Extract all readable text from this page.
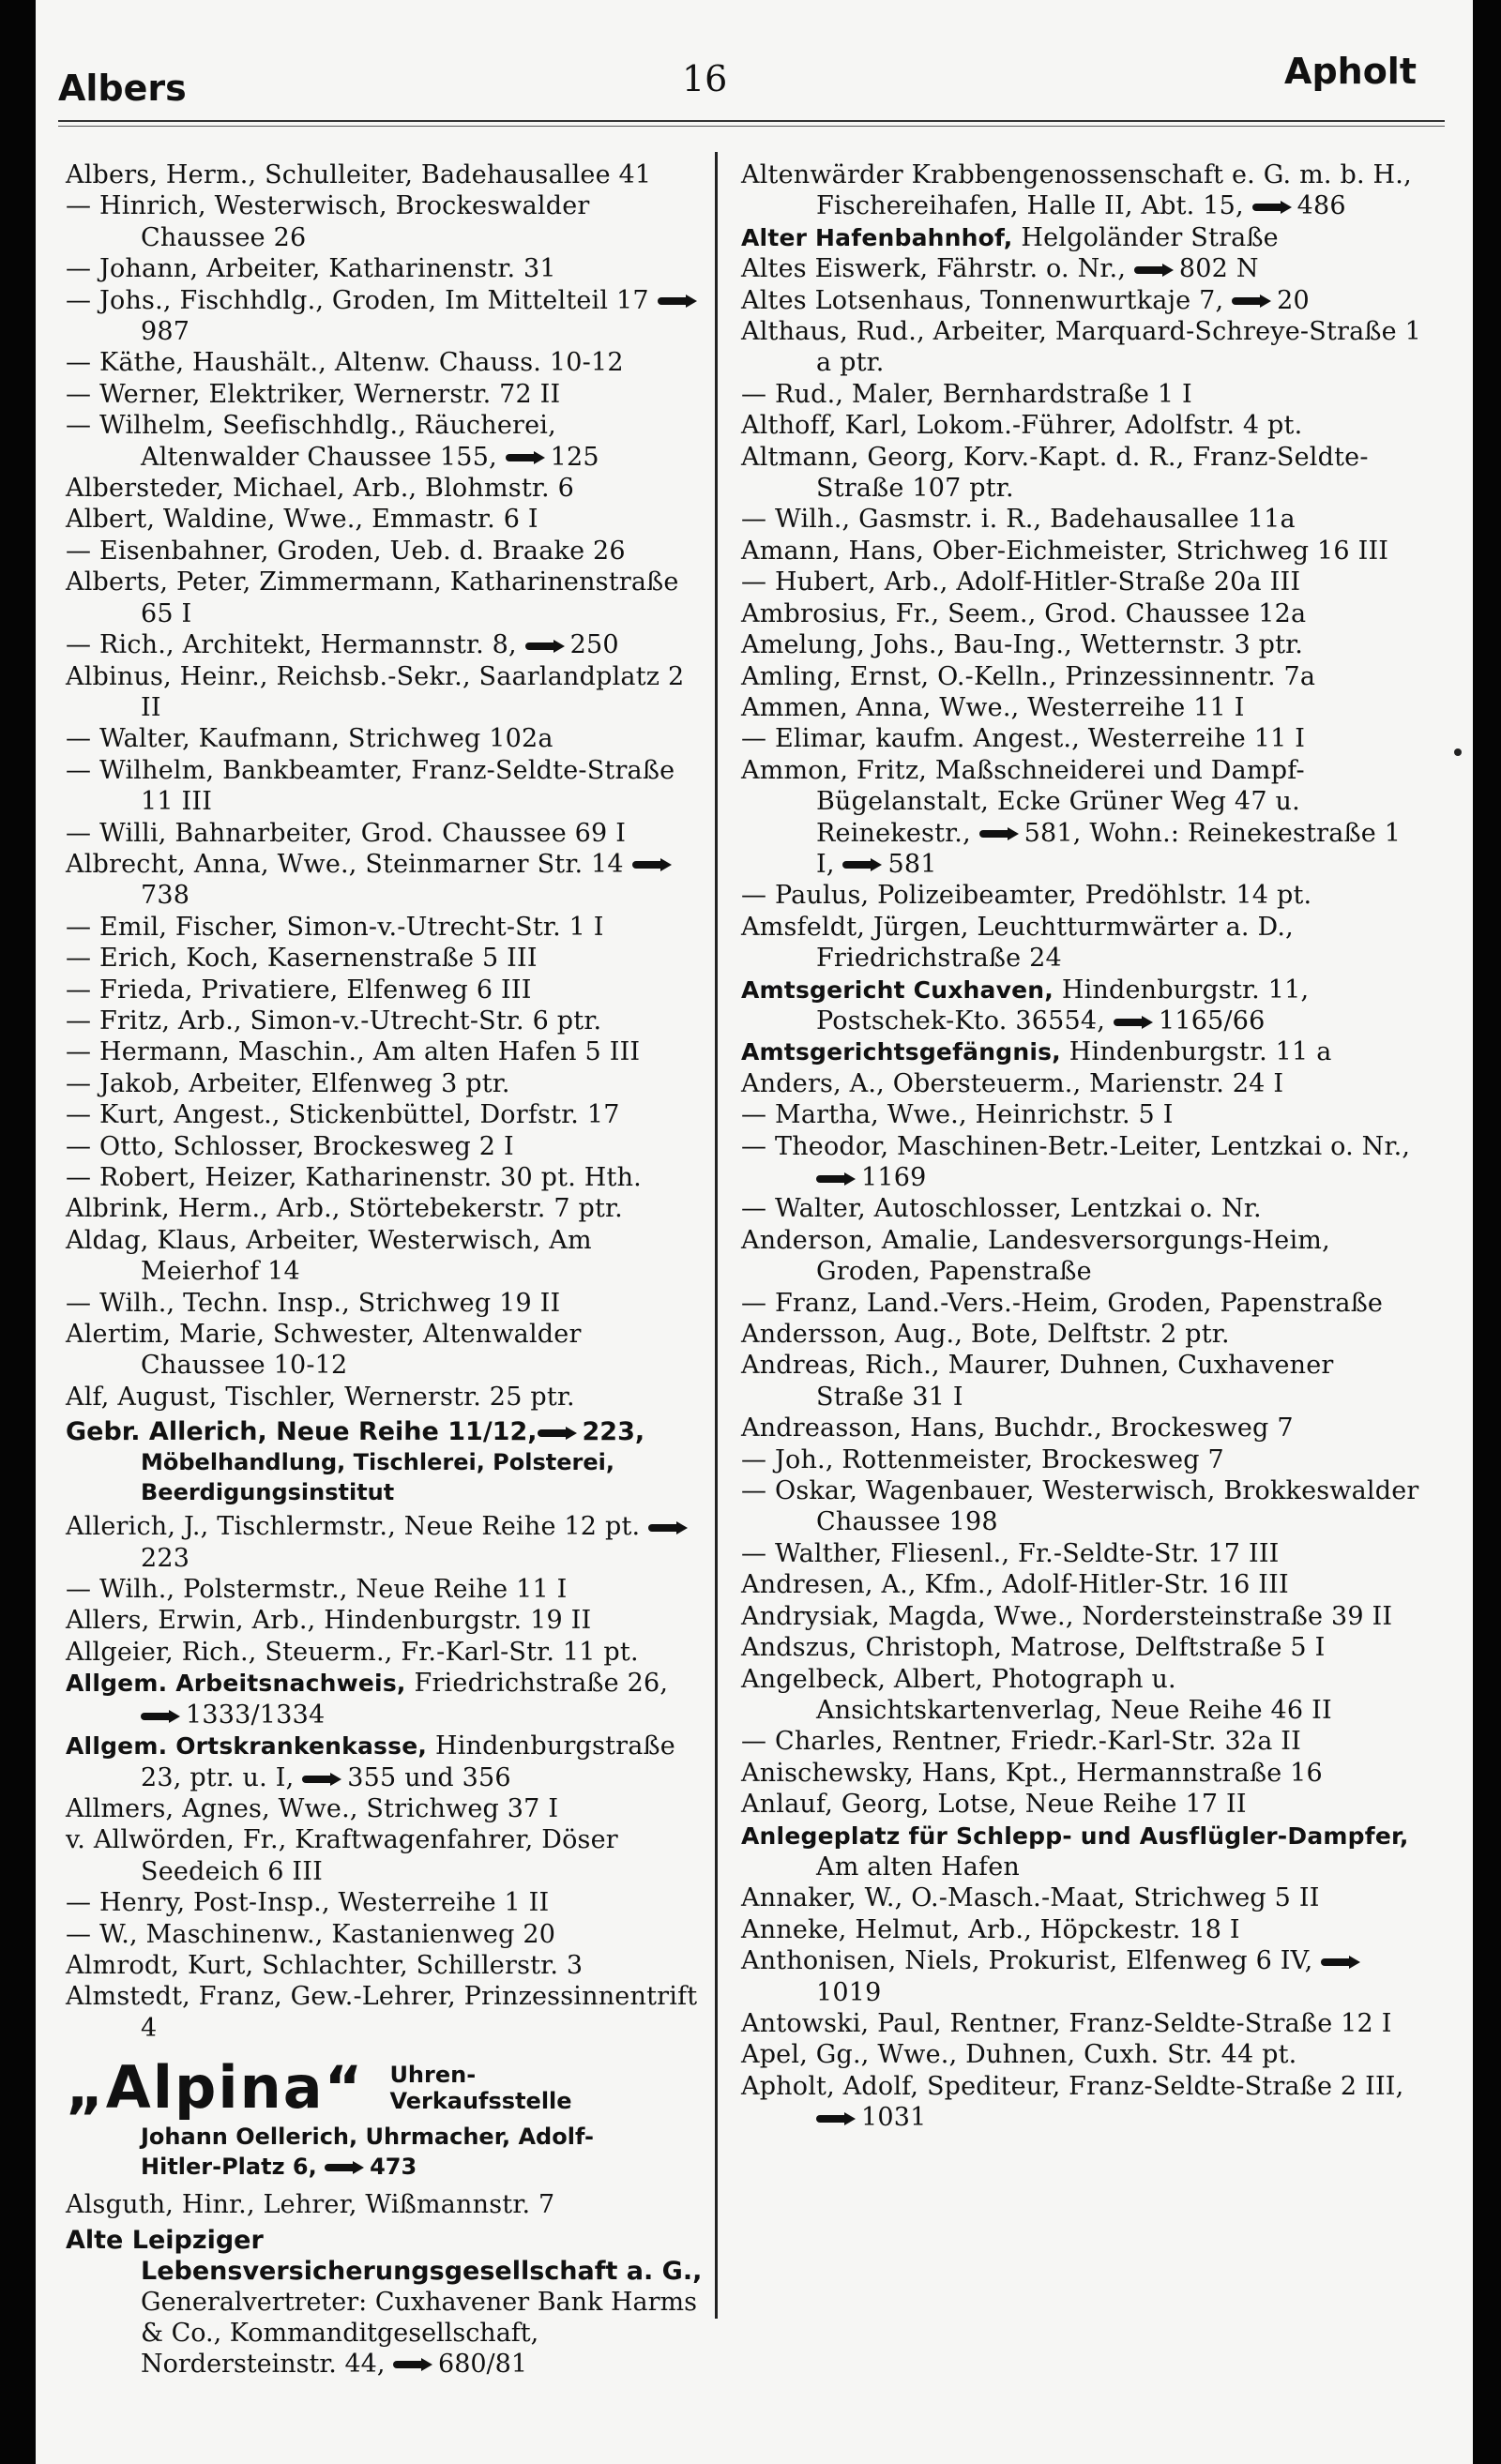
Albers	16	Apholt
Albers, Herm., Schulleiter, Badehausallee 41
— Hinrich, Westerwisch, Brockeswalder Chaussee 26
— Johann, Arbeiter, Katharinenstr. 31
— Johs., Fischhdlg., Groden, Im Mittelteil 17 987
— Käthe, Haushält., Altenw. Chauss. 10-12
— Werner, Elektriker, Wernerstr. 72 II
— Wilhelm, Seefischhdlg., Räucherei, Altenwalder Chaussee 155, 125
Albersteder, Michael, Arb., Blohmstr. 6
Albert, Waldine, Wwe., Emmastr. 6 I
— Eisenbahner, Groden, Ueb. d. Braake 26
Alberts, Peter, Zimmermann, Katharinenstraße 65 I
— Rich., Architekt, Hermannstr. 8, 250
Albinus, Heinr., Reichsb.-Sekr., Saarlandplatz 2 II
— Walter, Kaufmann, Strichweg 102a
— Wilhelm, Bankbeamter, Franz-Seldte-Straße 11 III
— Willi, Bahnarbeiter, Grod. Chaussee 69 I
Albrecht, Anna, Wwe., Steinmarner Str. 14 738
— Emil, Fischer, Simon-v.-Utrecht-Str. 1 I
— Erich, Koch, Kasernenstraße 5 III
— Frieda, Privatiere, Elfenweg 6 III
— Fritz, Arb., Simon-v.-Utrecht-Str. 6 ptr.
— Hermann, Maschin., Am alten Hafen 5 III
— Jakob, Arbeiter, Elfenweg 3 ptr.
— Kurt, Angest., Stickenbüttel, Dorfstr. 17
— Otto, Schlosser, Brockesweg 2 I
— Robert, Heizer, Katharinenstr. 30 pt. Hth.
Albrink, Herm., Arb., Störtebekerstr. 7 ptr.
Aldag, Klaus, Arbeiter, Westerwisch, Am Meierhof 14
— Wilh., Techn. Insp., Strichweg 19 II
Alertim, Marie, Schwester, Altenwalder Chaussee 10-12
Alf, August, Tischler, Wernerstr. 25 ptr.
Gebr. Allerich, Neue Reihe 11/12, 223,
Möbelhandlung, Tischlerei, Polsterei,
Beerdigungsinstitut
Allerich, J., Tischlermstr., Neue Reihe 12 pt. 223
— Wilh., Polstermstr., Neue Reihe 11 I
Allers, Erwin, Arb., Hindenburgstr. 19 II
Allgeier, Rich., Steuerm., Fr.-Karl-Str. 11 pt.
Allgem. Arbeitsnachweis, Friedrichstraße 26, 1333/1334
Allgem. Ortskrankenkasse, Hindenburgstraße 23, ptr. u. I, 355 und 356
Allmers, Agnes, Wwe., Strichweg 37 I
v. Allwörden, Fr., Kraftwagenfahrer, Döser Seedeich 6 III
— Henry, Post-Insp., Westerreihe 1 II
— W., Maschinenw., Kastanienweg 20
Almrodt, Kurt, Schlachter, Schillerstr. 3
Almstedt, Franz, Gew.-Lehrer, Prinzessinnentrift 4
„Alpina“ Uhren-
Verkaufsstelle
Johann Oellerich, Uhrmacher, Adolf-
Hitler-Platz 6, 473
Alsguth, Hinr., Lehrer, Wißmannstr. 7
Alte Leipziger Lebensversicherungsgesellschaft a. G.,
Generalvertreter: Cuxhavener Bank Harms & Co., Kommanditgesellschaft, Nordersteinstr. 44, 680/81
Altenwärder Krabbengenossenschaft e. G. m. b. H., Fischereihafen, Halle II, Abt. 15, 486
Alter Hafenbahnhof, Helgoländer Straße
Altes Eiswerk, Fährstr. o. Nr., 802 N
Altes Lotsenhaus, Tonnenwurtkaje 7, 20
Althaus, Rud., Arbeiter, Marquard-Schreye-Straße 1 a ptr.
— Rud., Maler, Bernhardstraße 1 I
Althoff, Karl, Lokom.-Führer, Adolfstr. 4 pt.
Altmann, Georg, Korv.-Kapt. d. R., Franz-Seldte-Straße 107 ptr.
— Wilh., Gasmstr. i. R., Badehausallee 11a
Amann, Hans, Ober-Eichmeister, Strichweg 16 III
— Hubert, Arb., Adolf-Hitler-Straße 20a III
Ambrosius, Fr., Seem., Grod. Chaussee 12a
Amelung, Johs., Bau-Ing., Wetternstr. 3 ptr.
Amling, Ernst, O.-Kelln., Prinzessinnentr. 7a
Ammen, Anna, Wwe., Westerreihe 11 I
— Elimar, kaufm. Angest., Westerreihe 11 I
Ammon, Fritz, Maßschneiderei und Dampf-Bügelanstalt, Ecke Grüner Weg 47 u. Reinekestr., 581, Wohn.: Reinekestraße 1 I, 581
— Paulus, Polizeibeamter, Predöhlstr. 14 pt.
Amsfeldt, Jürgen, Leuchtturmwärter a. D., Friedrichstraße 24
Amtsgericht Cuxhaven, Hindenburgstr. 11, Postschek-Kto. 36554, 1165/66
Amtsgerichtsgefängnis, Hindenburgstr. 11 a
Anders, A., Obersteuerm., Marienstr. 24 I
— Martha, Wwe., Heinrichstr. 5 I
— Theodor, Maschinen-Betr.-Leiter, Lentzkai o. Nr., 1169
— Walter, Autoschlosser, Lentzkai o. Nr.
Anderson, Amalie, Landesversorgungs-Heim, Groden, Papenstraße
— Franz, Land.-Vers.-Heim, Groden, Papenstraße
Andersson, Aug., Bote, Delftstr. 2 ptr.
Andreas, Rich., Maurer, Duhnen, Cuxhavener Straße 31 I
Andreasson, Hans, Buchdr., Brockesweg 7
— Joh., Rottenmeister, Brockesweg 7
— Oskar, Wagenbauer, Westerwisch, Brokkeswalder Chaussee 198
— Walther, Fliesenl., Fr.-Seldte-Str. 17 III
Andresen, A., Kfm., Adolf-Hitler-Str. 16 III
Andrysiak, Magda, Wwe., Nordersteinstraße 39 II
Andszus, Christoph, Matrose, Delftstraße 5 I
Angelbeck, Albert, Photograph u. Ansichtskartenverlag, Neue Reihe 46 II
— Charles, Rentner, Friedr.-Karl-Str. 32a II
Anischewsky, Hans, Kpt., Hermannstraße 16
Anlauf, Georg, Lotse, Neue Reihe 17 II
Anlegeplatz für Schlepp- und Ausflügler-Dampfer, Am alten Hafen
Annaker, W., O.-Masch.-Maat, Strichweg 5 II
Anneke, Helmut, Arb., Höpckestr. 18 I
Anthonisen, Niels, Prokurist, Elfenweg 6 IV, 1019
Antowski, Paul, Rentner, Franz-Seldte-Straße 12 I
Apel, Gg., Wwe., Duhnen, Cuxh. Str. 44 pt.
Apholt, Adolf, Spediteur, Franz-Seldte-Straße 2 III, 1031
